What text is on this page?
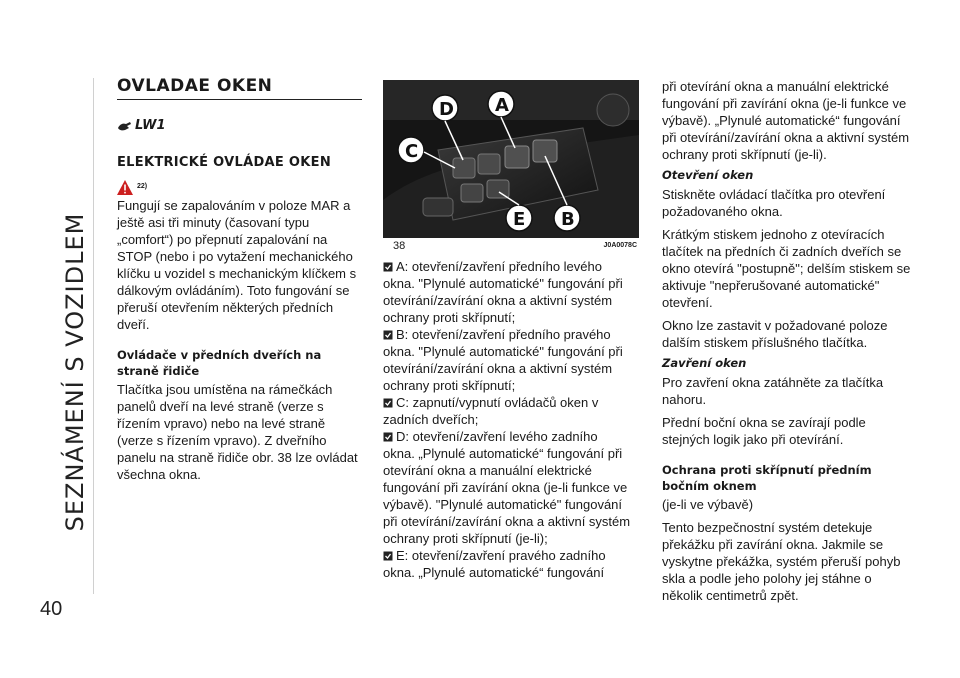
SEZNÁMENÍ S VOZIDLEM
40
OVLADAE OKEN
LW1
ELEKTRICKÉ OVLÁDAE OKEN
22)

Fungují se zapalováním v poloze MAR a ještě asi tři minuty (časovaní typu „comfort“) po přepnutí zapalování na STOP (nebo i po vytažení mechanického klíčku u vozidel s mechanickým klíčkem s dálkovým ovládáním). Toto fungování se přeruší otevřením některých předních dveří.

Ovládače v předních dveřích na straně řidiče

Tlačítka jsou umístěna na rámečkách panelů dveří na levé straně (verze s řízením vpravo) nebo na levé straně (verze s řízením vpravo). Z dveřního panelu na straně řidiče obr. 38 lze ovládat všechna okna.

D A
C
E B
38	J0A0078C

A: otevření/zavření předního levého okna. "Plynulé automatické" fungování při otevírání/zavírání okna a aktivní systém ochrany proti skřípnutí;

B: otevření/zavření předního pravého okna. "Plynulé automatické" fungování při otevírání/zavírání okna a aktivní systém ochrany proti skřípnutí;

C: zapnutí/vypnutí ovládačů oken v zadních dveřích;

D: otevření/zavření levého zadního okna. „Plynulé automatické“ fungování při otevírání okna a manuální elektrické fungování při zavírání okna (je-li funkce ve výbavě). "Plynulé automatické" fungování při otevírání/zavírání okna a aktivní systém ochrany proti skřípnutí (je-li);

E: otevření/zavření pravého zadního okna. „Plynulé automatické“ fungování

při otevírání okna a manuální elektrické fungování při zavírání okna (je-li funkce ve výbavě). „Plynulé automatické“ fungování při otevírání/zavírání okna a aktivní systém ochrany proti skřípnutí (je-li).

Otevření oken

Stiskněte ovládací tlačítka pro otevření požadovaného okna.

Krátkým stiskem jednoho z otevíracích tlačítek na předních či zadních dveřích se okno otevírá "postupně"; delším stiskem se aktivuje "nepřerušované automatické" otevření.

Okno lze zastavit v požadované poloze dalším stiskem příslušného tlačítka.

Zavření oken

Pro zavření okna zatáhněte za tlačítka nahoru.

Přední boční okna se zavírají podle stejných logik jako při otevírání.

Ochrana proti skřípnutí předním bočním oknem

(je-li ve výbavě)

Tento bezpečnostní systém detekuje překážku při zavírání okna. Jakmile se vyskytne překážka, systém přeruší pohyb skla a podle jeho polohy jej stáhne o několik centimetrů zpět.
